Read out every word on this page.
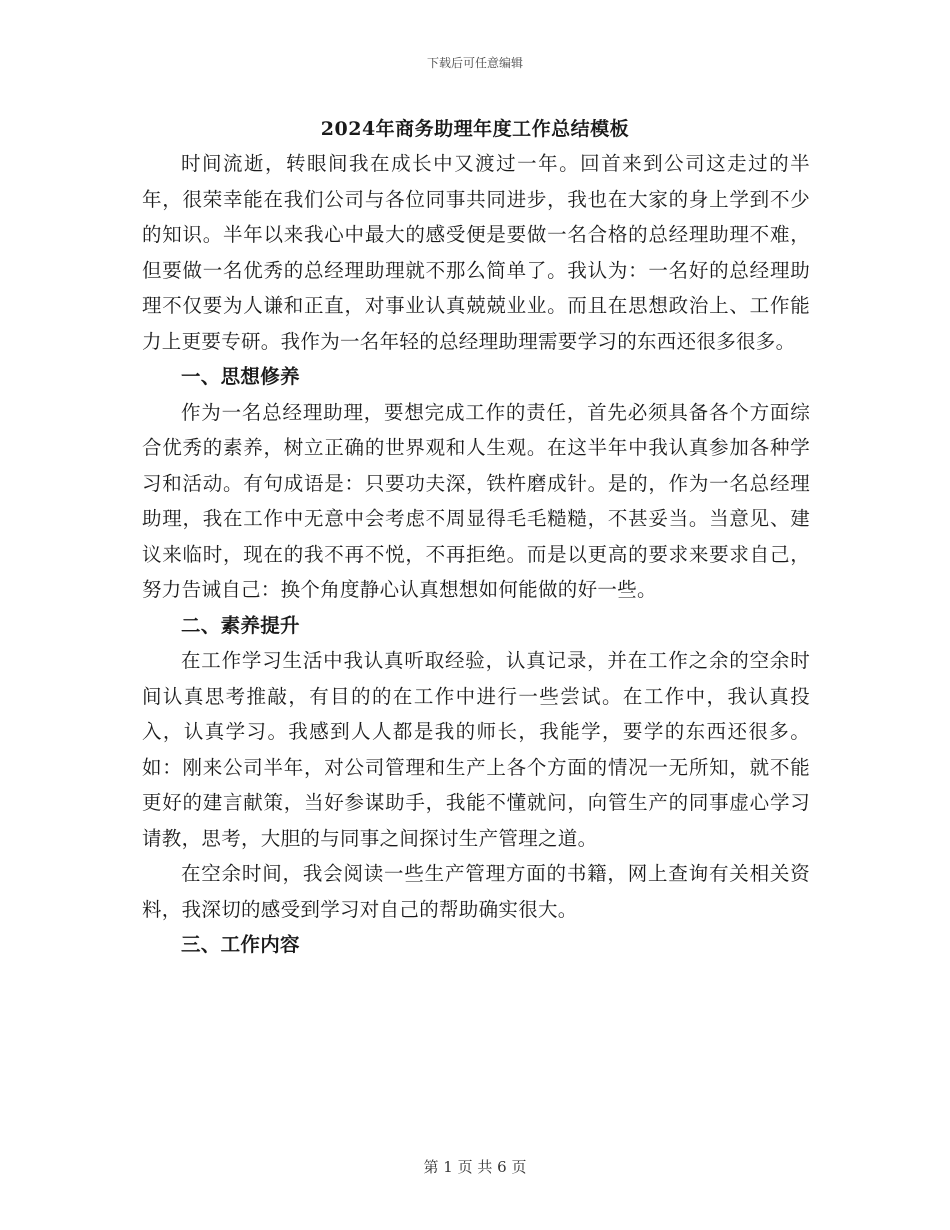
下载后可任意编辑
2024年商务助理年度工作总结模板

时间流逝，转眼间我在成长中又渡过一年。回首来到公司这走过的半年，很荣幸能在我们公司与各位同事共同进步，我也在大家的身上学到不少的知识。半年以来我心中最大的感受便是要做一名合格的总经理助理不难，但要做一名优秀的总经理助理就不那么简单了。我认为：一名好的总经理助理不仅要为人谦和正直，对事业认真兢兢业业。而且在思想政治上、工作能力上更要专研。我作为一名年轻的总经理助理需要学习的东西还很多很多。

一、思想修养

作为一名总经理助理，要想完成工作的责任，首先必须具备各个方面综合优秀的素养，树立正确的世界观和人生观。在这半年中我认真参加各种学习和活动。有句成语是：只要功夫深，铁杵磨成针。是的，作为一名总经理助理，我在工作中无意中会考虑不周显得毛毛糙糙，不甚妥当。当意见、建议来临时，现在的我不再不悦，不再拒绝。而是以更高的要求来要求自己，努力告诫自己：换个角度静心认真想想如何能做的好一些。

二、素养提升

在工作学习生活中我认真听取经验，认真记录，并在工作之余的空余时间认真思考推敲，有目的的在工作中进行一些尝试。在工作中，我认真投入，认真学习。我感到人人都是我的师长，我能学，要学的东西还很多。如：刚来公司半年，对公司管理和生产上各个方面的情况一无所知，就不能更好的建言献策，当好参谋助手，我能不懂就问，向管生产的同事虚心学习请教，思考，大胆的与同事之间探讨生产管理之道。

在空余时间，我会阅读一些生产管理方面的书籍，网上查询有关相关资料，我深切的感受到学习对自己的帮助确实很大。

三、工作内容

第 1 页 共 6 页
